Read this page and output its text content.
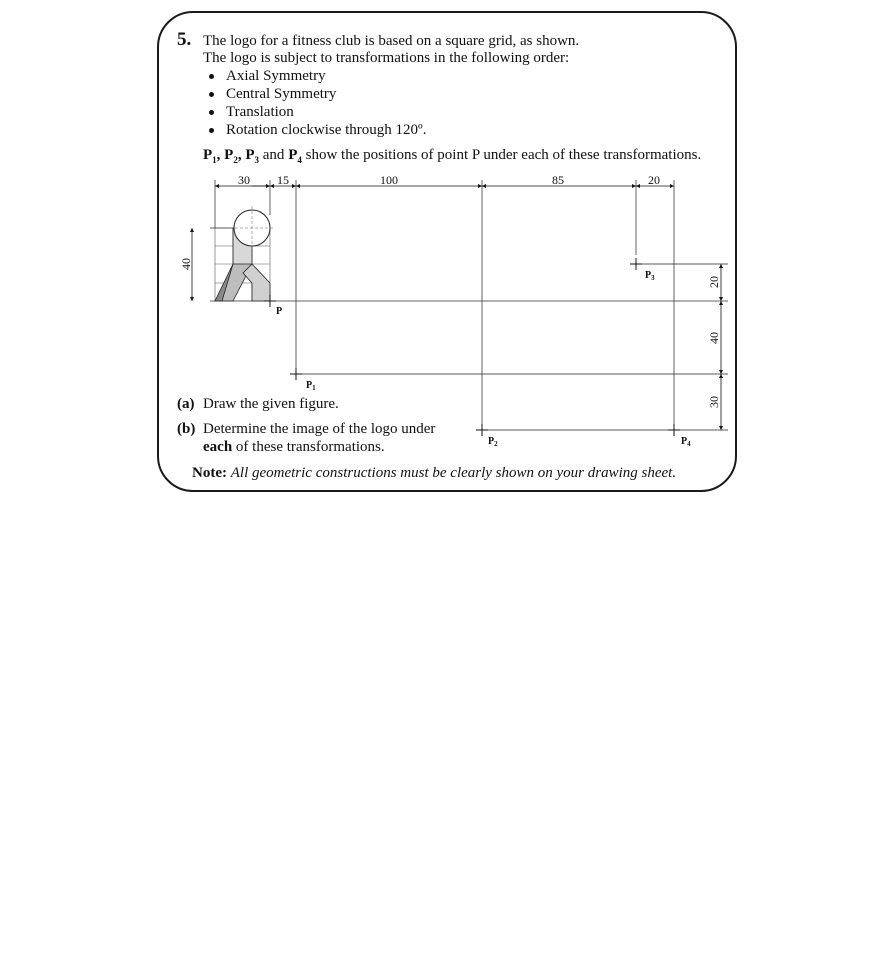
5. The logo for a fitness club is based on a square grid, as shown.
The logo is subject to transformations in the following order:
Axial Symmetry
Central Symmetry
Translation
Rotation clockwise through 120º.
$P_1$, $P_2$, $P_3$ and $P_4$ show the positions of point P under each of these transformations.
(a) Draw the given figure.
(b) Determine the image of the logo under
each of these transformations.
Note: All geometric constructions must be clearly shown on your drawing sheet.
30 15	100	85	20
40
20
40
30
P
$P_1$
$P_2$
$P_3$
$P_4$
